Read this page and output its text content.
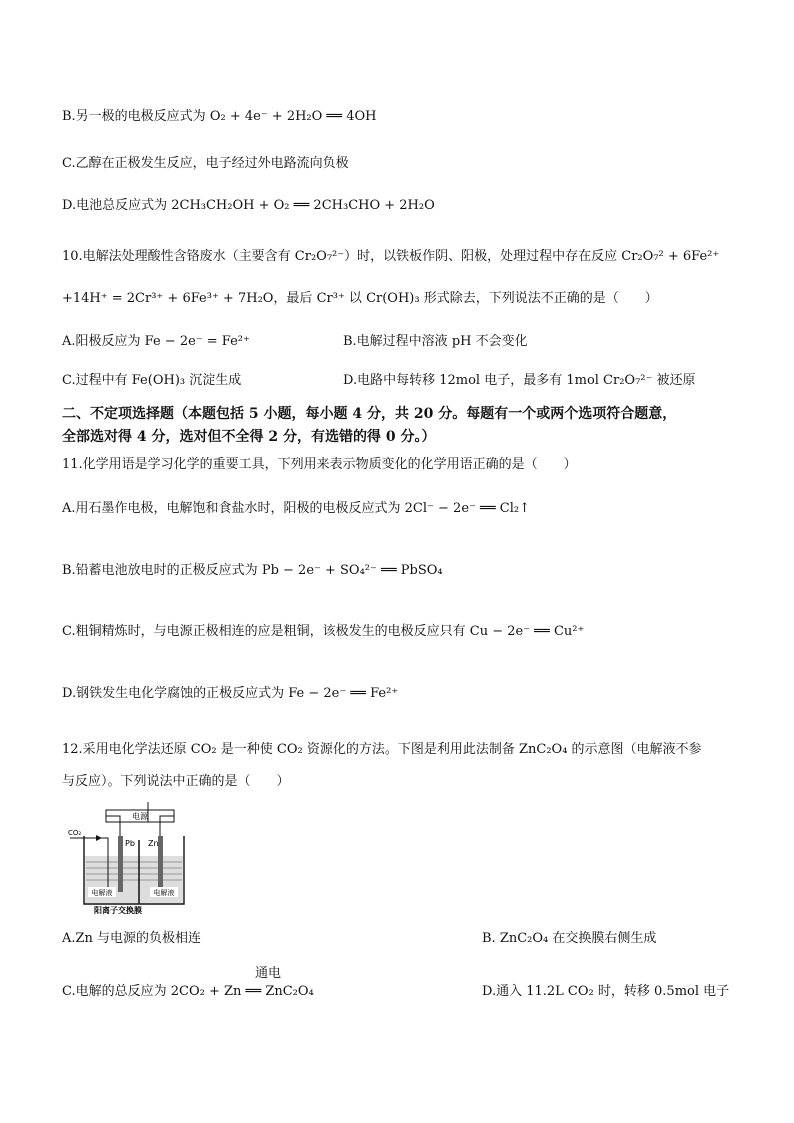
B.另一极的电极反应式为 O₂ + 4e⁻ + 2H₂O ══ 4OH
C.乙醇在正极发生反应，电子经过外电路流向负极
D.电池总反应式为 2CH₃CH₂OH + O₂ ══ 2CH₃CHO + 2H₂O
10.电解法处理酸性含铬废水（主要含有 Cr₂O₇²⁻）时，以铁板作阴、阳极，处理过程中存在反应 Cr₂O₇² + 6Fe²⁺
+14H⁺ = 2Cr³⁺ + 6Fe³⁺ + 7H₂O，最后 Cr³⁺ 以 Cr(OH)₃ 形式除去，下列说法不正确的是（　　）
A.阳极反应为 Fe − 2e⁻ = Fe²⁺	B.电解过程中溶液 pH 不会变化
C.过程中有 Fe(OH)₃ 沉淀生成	D.电路中每转移 12mol 电子，最多有 1mol Cr₂O₇²⁻ 被还原
二、不定项选择题（本题包括 5 小题，每小题 4 分，共 20 分。每题有一个或两个选项符合题意，
全部选对得 4 分，选对但不全得 2 分，有选错的得 0 分。）
11.化学用语是学习化学的重要工具，下列用来表示物质变化的化学用语正确的是（　　）
A.用石墨作电极，电解饱和食盐水时，阳极的电极反应式为 2Cl⁻ − 2e⁻ ══ Cl₂↑
B.铅蓄电池放电时的正极反应式为 Pb − 2e⁻ + SO₄²⁻ ══ PbSO₄
C.粗铜精炼时，与电源正极相连的应是粗铜，该极发生的电极反应只有 Cu − 2e⁻ ══ Cu²⁺
D.钢铁发生电化学腐蚀的正极反应式为 Fe − 2e⁻ ══ Fe²⁺
12.采用电化学法还原 CO₂ 是一种使 CO₂ 资源化的方法。下图是利用此法制备 ZnC₂O₄ 的示意图（电解液不参
与反应）。下列说法中正确的是（　　）
电源
Pb Zn
CO₂
电解液	电解液
阳离子交换膜
A.Zn 与电源的负极相连	B. ZnC₂O₄ 在交换膜右侧生成
通电
C.电解的总反应为 2CO₂ + Zn ══ ZnC₂O₄	D.通入 11.2L CO₂ 时，转移 0.5mol 电子
